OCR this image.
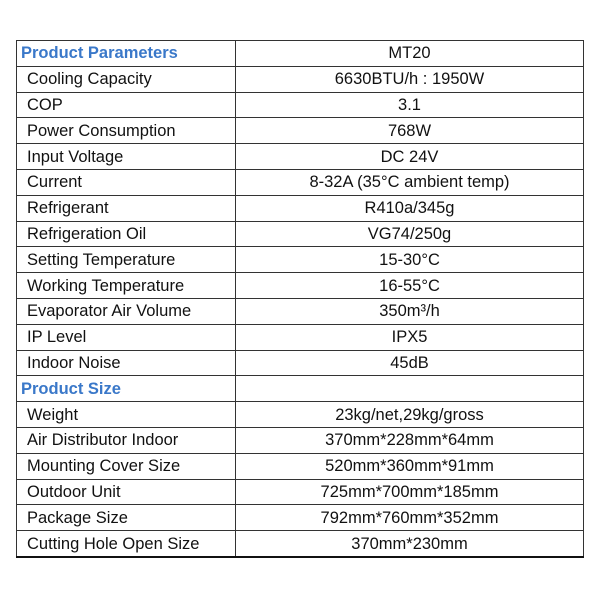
Product Parameters	MT20
Cooling Capacity	6630BTU/h : 1950W
COP	3.1
Power Consumption	768W
Input Voltage	DC 24V
Current	8-32A (35°C ambient temp)
Refrigerant	R410a/345g
Refrigeration Oil	VG74/250g
Setting Temperature	15-30°C
Working Temperature	16-55°C
Evaporator Air Volume	350m³/h
IP Level	IPX5
Indoor Noise	45dB
Product Size	
Weight	23kg/net,29kg/gross
Air Distributor Indoor	370mm*228mm*64mm
Mounting Cover Size	520mm*360mm*91mm
Outdoor Unit	725mm*700mm*185mm
Package Size	792mm*760mm*352mm
Cutting Hole Open Size	370mm*230mm
